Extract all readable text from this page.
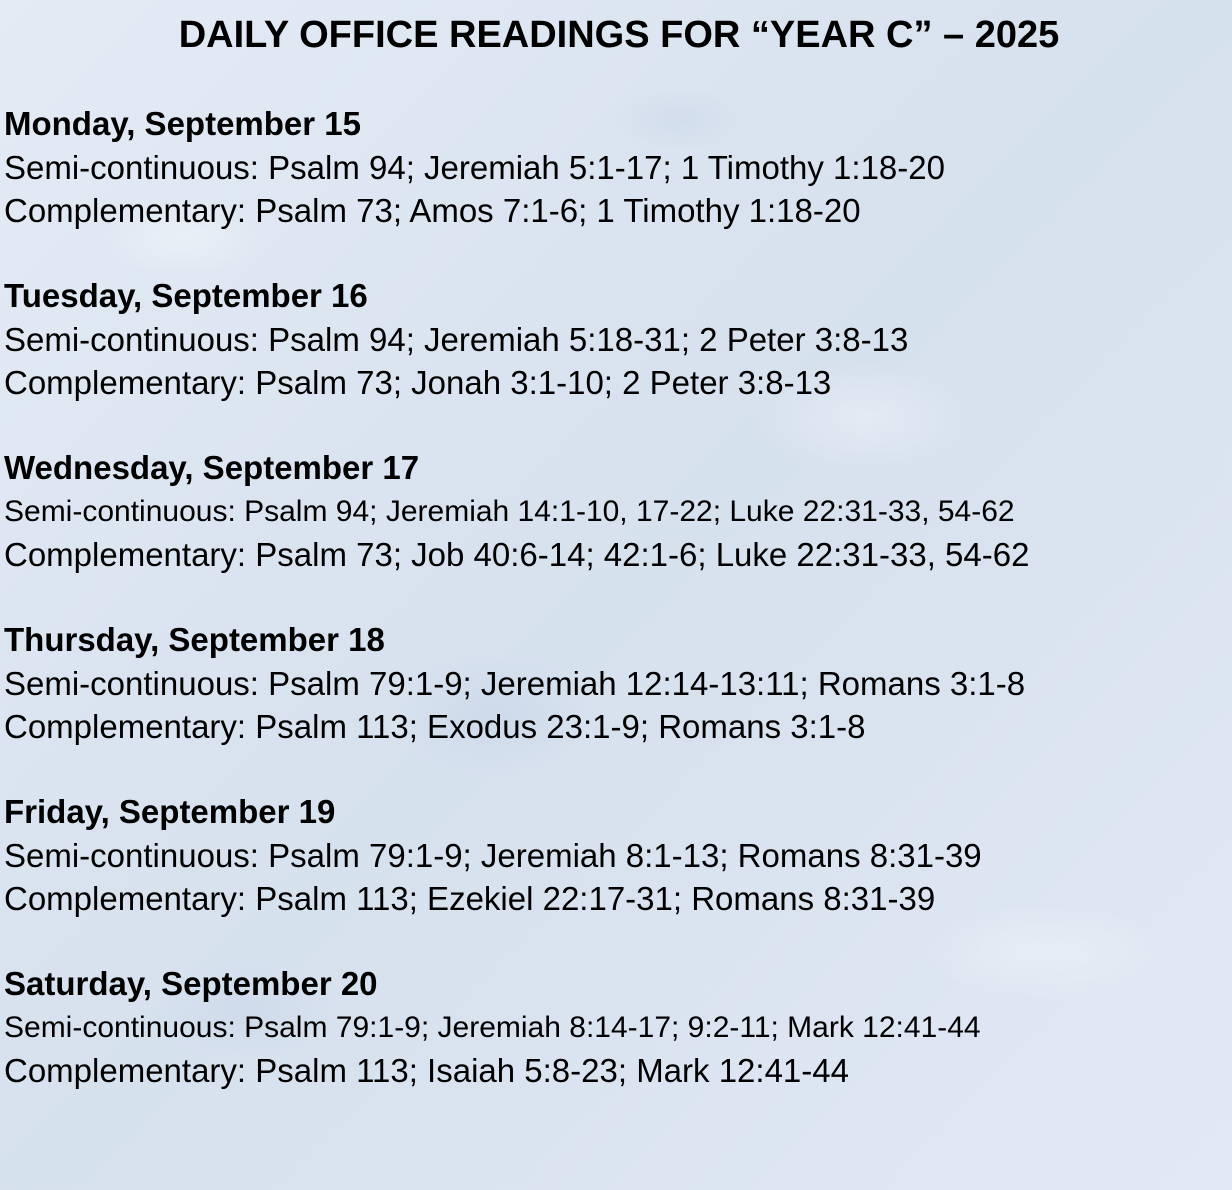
DAILY OFFICE READINGS FOR “YEAR C” – 2025

Monday, September 15

Semi-continuous: Psalm 94; Jeremiah 5:1-17; 1 Timothy 1:18-20

Complementary: Psalm 73; Amos 7:1-6; 1 Timothy 1:18-20

Tuesday, September 16

Semi-continuous: Psalm 94; Jeremiah 5:18-31; 2 Peter 3:8-13

Complementary: Psalm 73; Jonah 3:1-10; 2 Peter 3:8-13

Wednesday, September 17

Semi-continuous: Psalm 94; Jeremiah 14:1-10, 17-22; Luke 22:31-33, 54-62

Complementary: Psalm 73; Job 40:6-14; 42:1-6; Luke 22:31-33, 54-62

Thursday, September 18

Semi-continuous: Psalm 79:1-9; Jeremiah 12:14-13:11; Romans 3:1-8

Complementary: Psalm 113; Exodus 23:1-9; Romans 3:1-8

Friday, September 19

Semi-continuous: Psalm 79:1-9; Jeremiah 8:1-13; Romans 8:31-39

Complementary: Psalm 113; Ezekiel 22:17-31; Romans 8:31-39

Saturday, September 20

Semi-continuous: Psalm 79:1-9; Jeremiah 8:14-17; 9:2-11; Mark 12:41-44

Complementary: Psalm 113; Isaiah 5:8-23; Mark 12:41-44
